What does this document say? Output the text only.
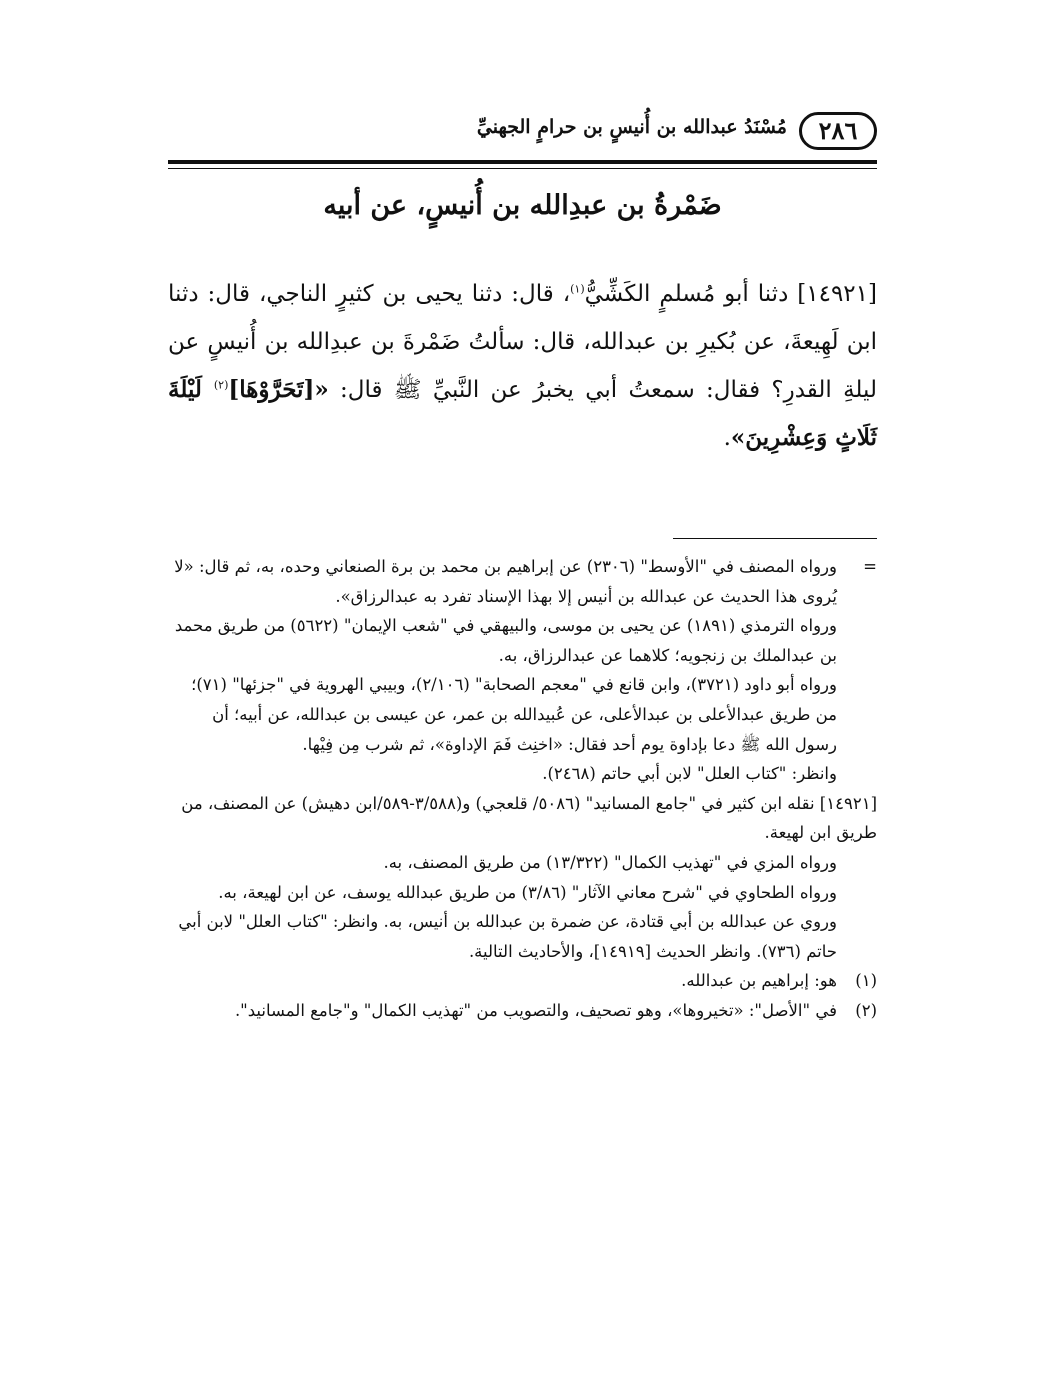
٢٨٦
مُسْنَدُ عبدالله بن أُنيسٍ بن حرامٍ الجهنيِّ
ضَمْرةُ بن عبدِالله بن أُنيسٍ، عن أبيه

[١٤٩٢١] دثنا أبو مُسلمٍ الكَشِّيُّ$^{(١)}$، قال: دثنا يحيى بن كثيرٍ الناجي، قال: دثنا ابن لَهِيعةَ، عن بُكيرِ بن عبدالله، قال: سألتُ ضَمْرةَ بن عبدِالله بن أُنيسٍ عن ليلةِ القدرِ؟ فقال: سمعتُ أبي يخبرُ عن النَّبيِّ ﷺ قال: «[تَحَرَّوْهَا]$^{(٢)}$ لَيْلَةَ ثَلَاثٍ وَعِشْرِينَ».

=

ورواه المصنف في "الأوسط" (٢٣٠٦) عن إبراهيم بن محمد بن برة الصنعاني وحده، به، ثم قال: «لا يُروى هذا الحديث عن عبدالله بن أنيس إلا بهذا الإسناد تفرد به عبدالرزاق».

ورواه الترمذي (١٨٩١) عن يحيى بن موسى، والبيهقي في "شعب الإيمان" (٥٦٢٢) من طريق محمد بن عبدالملك بن زنجويه؛ كلاهما عن عبدالرزاق، به.

ورواه أبو داود (٣٧٢١)، وابن قانع في "معجم الصحابة" (٢/١٠٦)، وبيبي الهروية في "جزئها" (٧١)؛ من طريق عبدالأعلى بن عبدالأعلى، عن عُبيدالله بن عمر، عن عيسى بن عبدالله، عن أبيه؛ أن رسول الله ﷺ دعا بإداوة يوم أحد فقال: «اخنِث فَمَ الإداوة»، ثم شرب مِن فِيْها.

وانظر: "كتاب العلل" لابن أبي حاتم (٢٤٦٨).

[١٤٩٢١] نقله ابن كثير في "جامع المسانيد" (٥٠٨٦/ قلعجي) و(٣/٥٨٨-٥٨٩/ابن دهيش) عن المصنف، من طريق ابن لهيعة.

ورواه المزي في "تهذيب الكمال" (١٣/٣٢٢) من طريق المصنف، به.

ورواه الطحاوي في "شرح معاني الآثار" (٣/٨٦) من طريق عبدالله يوسف، عن ابن لهيعة، به.

وروي عن عبدالله بن أبي قتادة، عن ضمرة بن عبدالله بن أنيس، به. وانظر: "كتاب العلل" لابن أبي حاتم (٧٣٦). وانظر الحديث [١٤٩١٩]، والأحاديث التالية.

(١)

هو: إبراهيم بن عبدالله.

(٢)

في "الأصل": «تخيروها»، وهو تصحيف، والتصويب من "تهذيب الكمال" و"جامع المسانيد".
